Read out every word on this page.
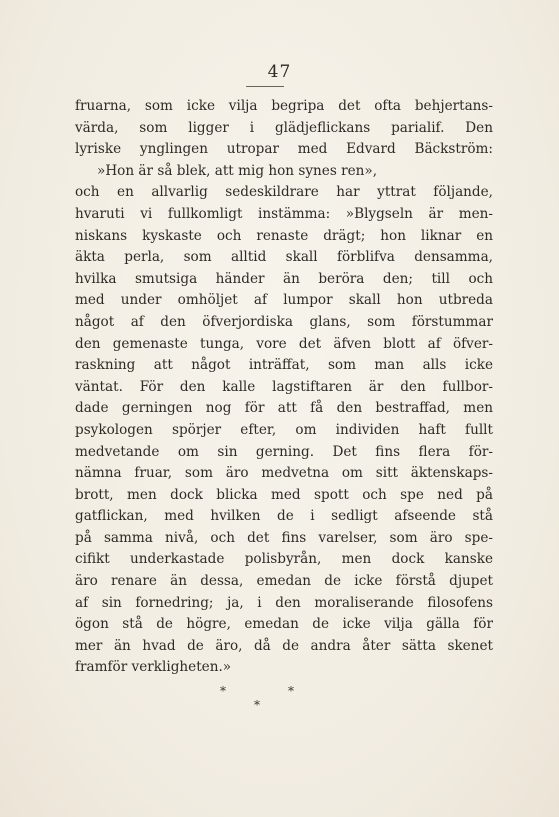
47
fruarna, som icke vilja begripa det ofta behjertans-
värda, som ligger i glädjeflickans parialif. Den
lyriske ynglingen utropar med Edvard Bäckström:
»Hon är så blek, att mig hon synes ren»,
och en allvarlig sedeskildrare har yttrat följande,
hvaruti vi fullkomligt instämma: »Blygseln är men-
niskans kyskaste och renaste drägt; hon liknar en
äkta perla, som alltid skall förblifva densamma,
hvilka smutsiga händer än beröra den; till och
med under omhöljet af lumpor skall hon utbreda
något af den öfverjordiska glans, som förstummar
den gemenaste tunga, vore det äfven blott af öfver-
raskning att något inträffat, som man alls icke
väntat. För den kalle lagstiftaren är den fullbor-
dade gerningen nog för att få den bestraffad, men
psykologen spörjer efter, om individen haft fullt
medvetande om sin gerning. Det fins flera för-
nämna fruar, som äro medvetna om sitt äktenskaps-
brott, men dock blicka med spott och spe ned på
gatflickan, med hvilken de i sedligt afseende stå
på samma nivå, och det fins varelser, som äro spe-
cifikt underkastade polisbyrån, men dock kanske
äro renare än dessa, emedan de icke förstå djupet
af sin fornedring; ja, i den moraliserande filosofens
ögon stå de högre, emedan de icke vilja gälla för
mer än hvad de äro, då de andra åter sätta skenet
framför verkligheten.»
*	*
*
